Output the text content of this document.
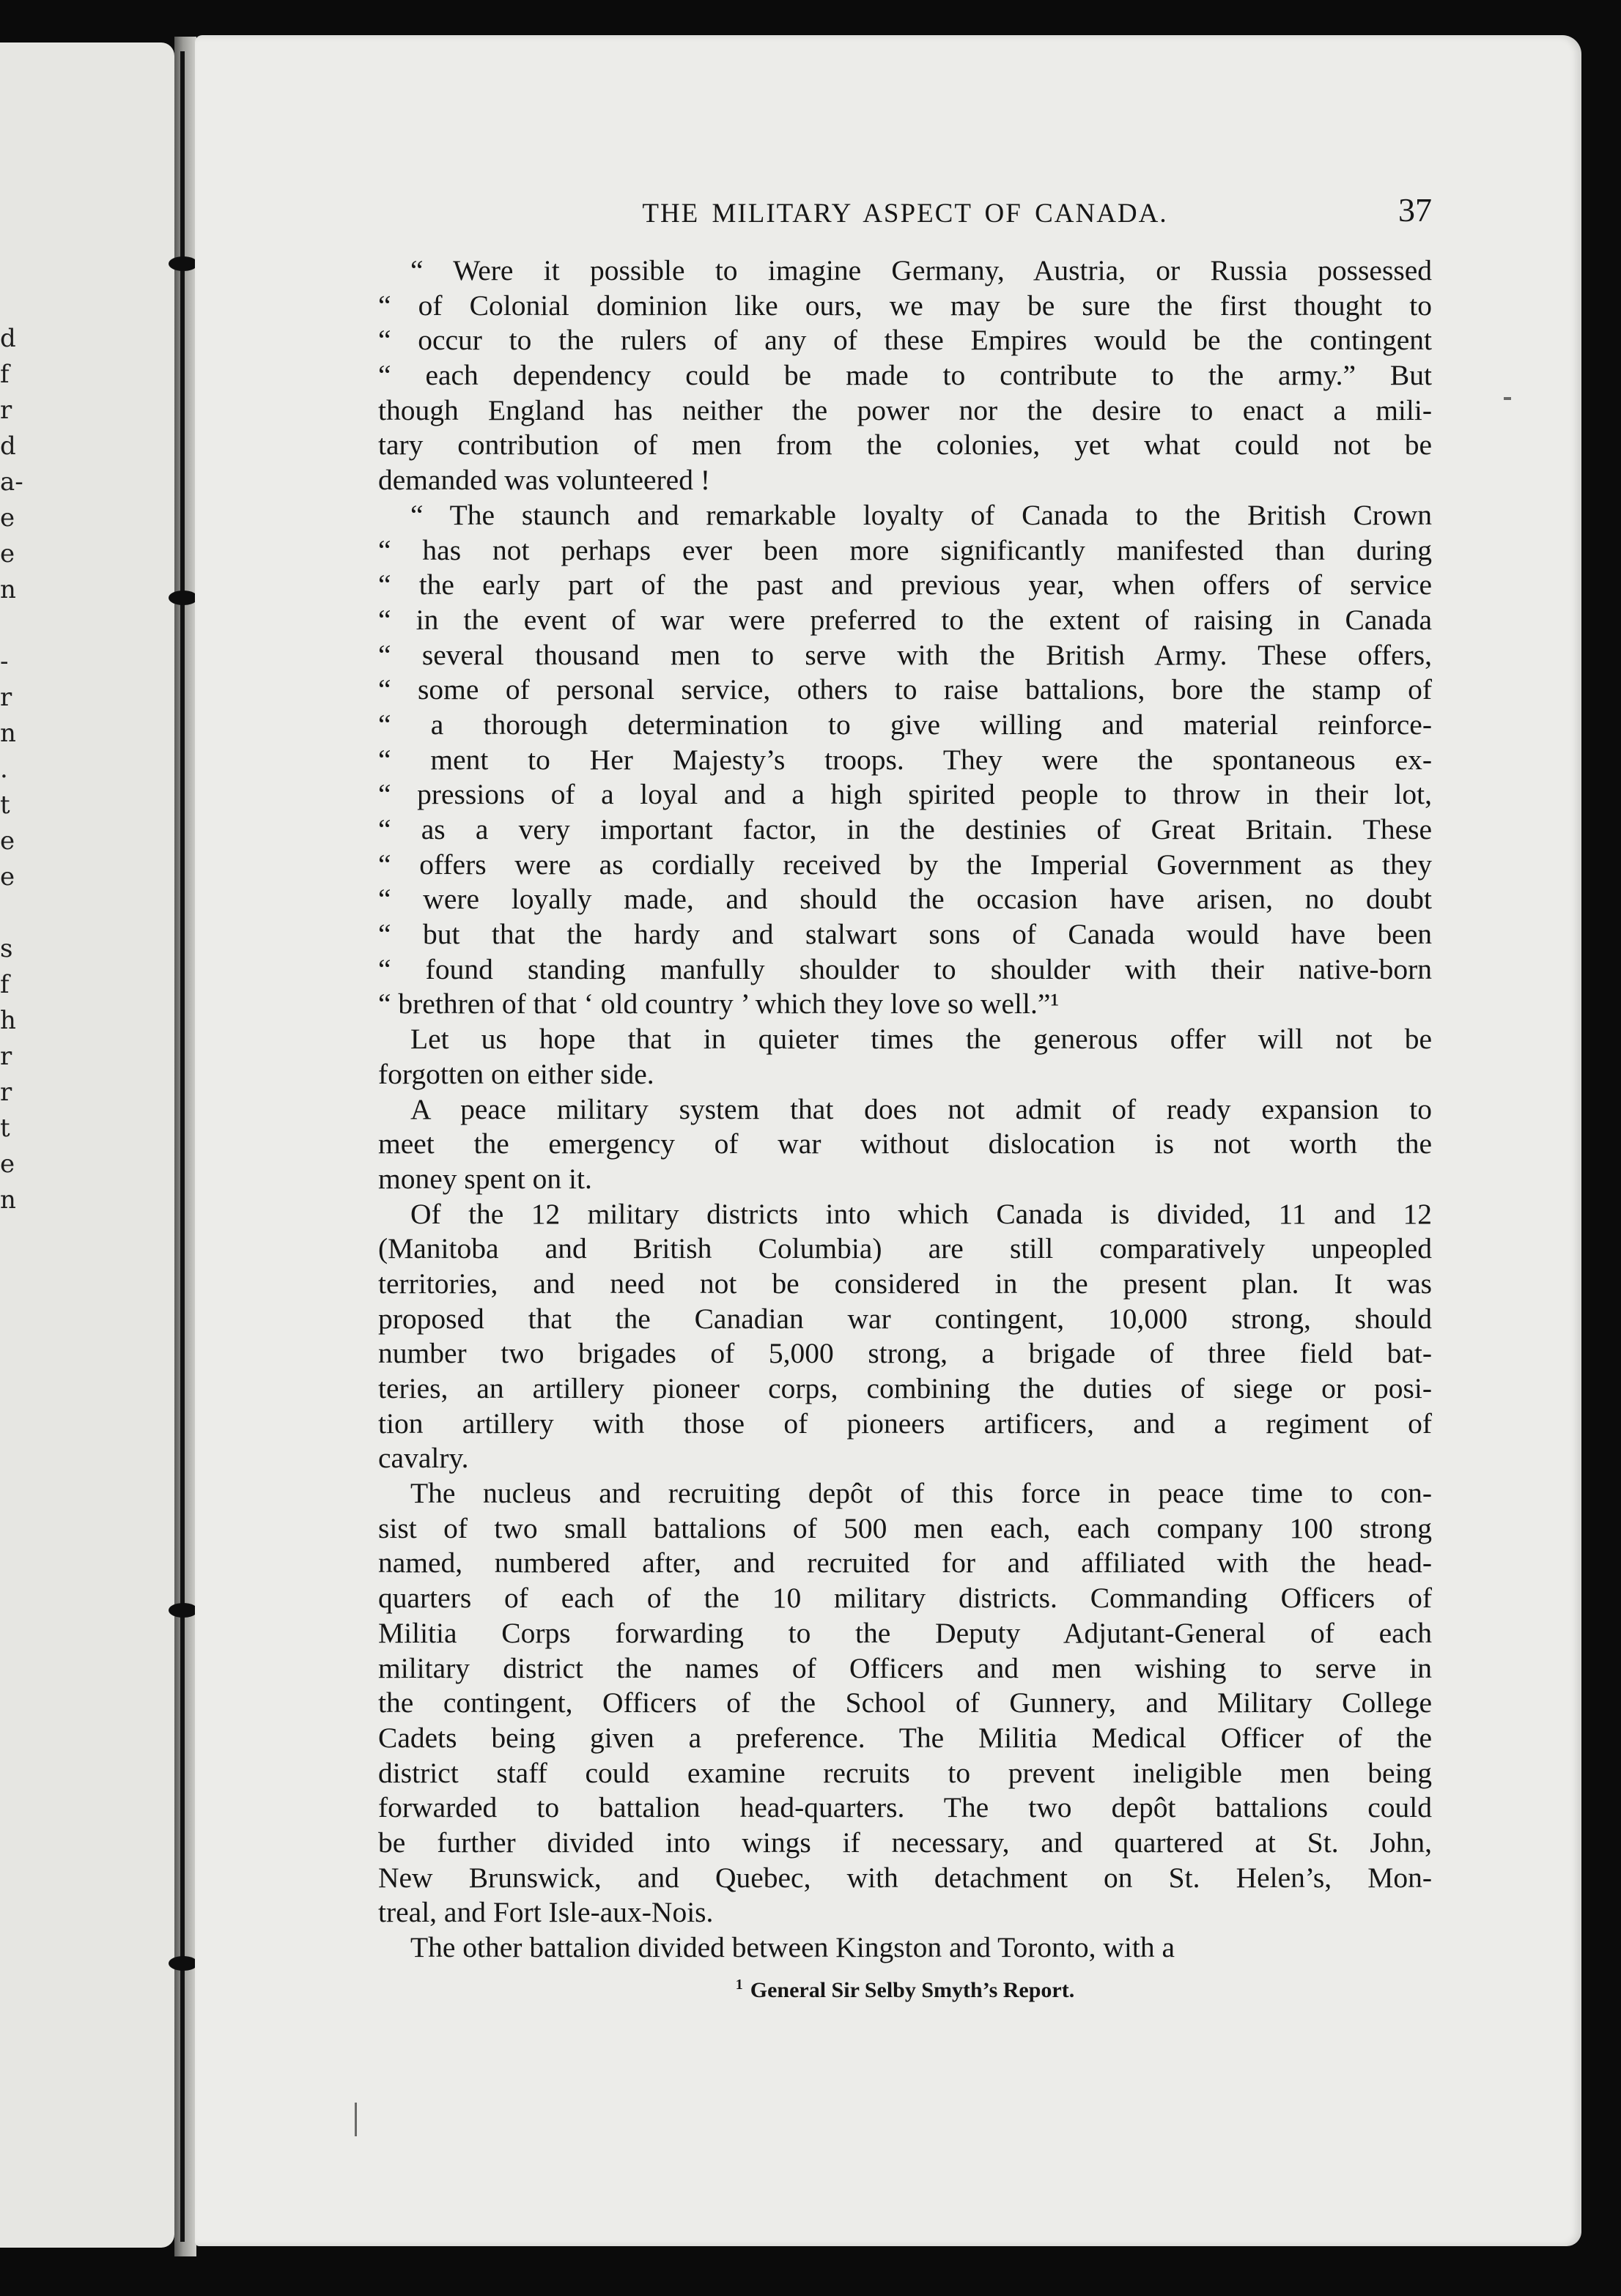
d
f
r
d
a-
e
e
n
-
r
n
.
t
e
e
s
f
h
r
r
t
e
n
THE MILITARY ASPECT OF CANADA.	37
“ Were it possible to imagine Germany, Austria, or Russia possessed
“ of Colonial dominion like ours, we may be sure the first thought to
“ occur to the rulers of any of these Empires would be the contingent
“ each dependency could be made to contribute to the army.” But
though England has neither the power nor the desire to enact a mili-
tary contribution of men from the colonies, yet what could not be
demanded was volunteered !
“ The staunch and remarkable loyalty of Canada to the British Crown
“ has not perhaps ever been more significantly manifested than during
“ the early part of the past and previous year, when offers of service
“ in the event of war were preferred to the extent of raising in Canada
“ several thousand men to serve with the British Army. These offers,
“ some of personal service, others to raise battalions, bore the stamp of
“ a thorough determination to give willing and material reinforce-
“ ment to Her Majesty’s troops. They were the spontaneous ex-
“ pressions of a loyal and a high spirited people to throw in their lot,
“ as a very important factor, in the destinies of Great Britain. These
“ offers were as cordially received by the Imperial Government as they
“ were loyally made, and should the occasion have arisen, no doubt
“ but that the hardy and stalwart sons of Canada would have been
“ found standing manfully shoulder to shoulder with their native-born
“ brethren of that ‘ old country ’ which they love so well.”¹
Let us hope that in quieter times the generous offer will not be
forgotten on either side.
A peace military system that does not admit of ready expansion to
meet the emergency of war without dislocation is not worth the
money spent on it.
Of the 12 military districts into which Canada is divided, 11 and 12
(Manitoba and British Columbia) are still comparatively unpeopled
territories, and need not be considered in the present plan. It was
proposed that the Canadian war contingent, 10,000 strong, should
number two brigades of 5,000 strong, a brigade of three field bat-
teries, an artillery pioneer corps, combining the duties of siege or posi-
tion artillery with those of pioneers artificers, and a regiment of
cavalry.
The nucleus and recruiting depôt of this force in peace time to con-
sist of two small battalions of 500 men each, each company 100 strong
named, numbered after, and recruited for and affiliated with the head-
quarters of each of the 10 military districts. Commanding Officers of
Militia Corps forwarding to the Deputy Adjutant-General of each
military district the names of Officers and men wishing to serve in
the contingent, Officers of the School of Gunnery, and Military College
Cadets being given a preference. The Militia Medical Officer of the
district staff could examine recruits to prevent ineligible men being
forwarded to battalion head-quarters. The two depôt battalions could
be further divided into wings if necessary, and quartered at St. John,
New Brunswick, and Quebec, with detachment on St. Helen’s, Mon-
treal, and Fort Isle-aux-Nois.
The other battalion divided between Kingston and Toronto, with a
$^1$ General Sir Selby Smyth’s Report.
